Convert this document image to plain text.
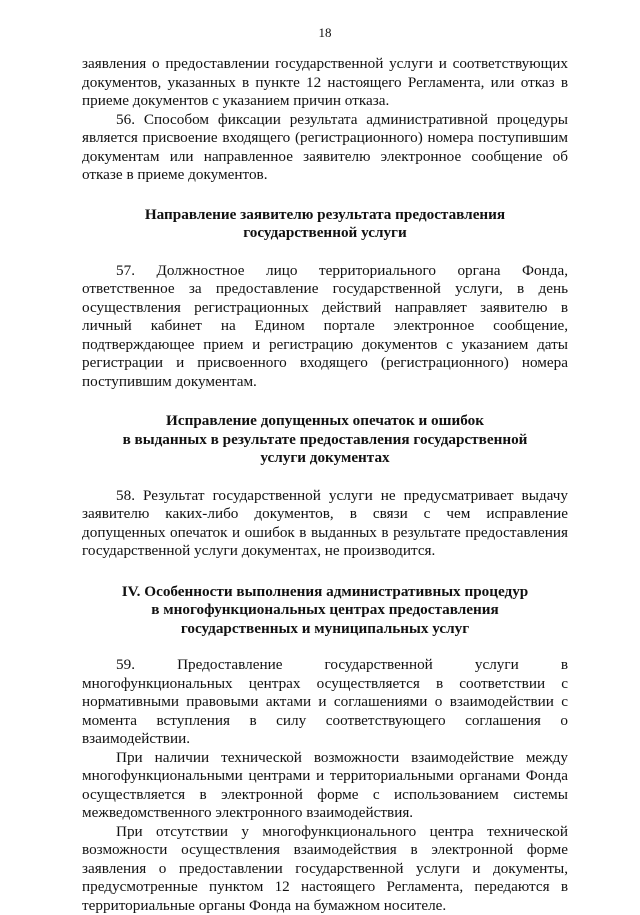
18

заявления о предоставлении государственной услуги и соответствующих документов, указанных в пункте 12 настоящего Регламента, или отказ в приеме документов с указанием причин отказа.

56. Способом фиксации результата административной процедуры является присвоение входящего (регистрационного) номера поступившим документам или направленное заявителю электронное сообщение об отказе в приеме документов.

Направление заявителю результата предоставления
государственной услуги

57. Должностное лицо территориального органа Фонда, ответственное за предоставление государственной услуги, в день осуществления регистрационных действий направляет заявителю в личный кабинет на Едином портале электронное сообщение, подтверждающее прием и регистрацию документов с указанием даты регистрации и присвоенного входящего (регистрационного) номера поступившим документам.

Исправление допущенных опечаток и ошибок
в выданных в результате предоставления государственной
услуги документах

58. Результат государственной услуги не предусматривает выдачу заявителю каких-либо документов, в связи с чем исправление допущенных опечаток и ошибок в выданных в результате предоставления государственной услуги документах, не производится.

IV. Особенности выполнения административных процедур
в многофункциональных центрах предоставления
государственных и муниципальных услуг

59. Предоставление государственной услуги в многофункциональных центрах осуществляется в соответствии с нормативными правовыми актами и соглашениями о взаимодействии с момента вступления в силу соответствующего соглашения о взаимодействии.

При наличии технической возможности взаимодействие между многофункциональными центрами и территориальными органами Фонда осуществляется в электронной форме с использованием системы межведомственного электронного взаимодействия.

При отсутствии у многофункционального центра технической возможности осуществления взаимодействия в электронной форме заявления о предоставлении государственной услуги и документы, предусмотренные пунктом 12 настоящего Регламента, передаются в территориальные органы Фонда на бумажном носителе.
